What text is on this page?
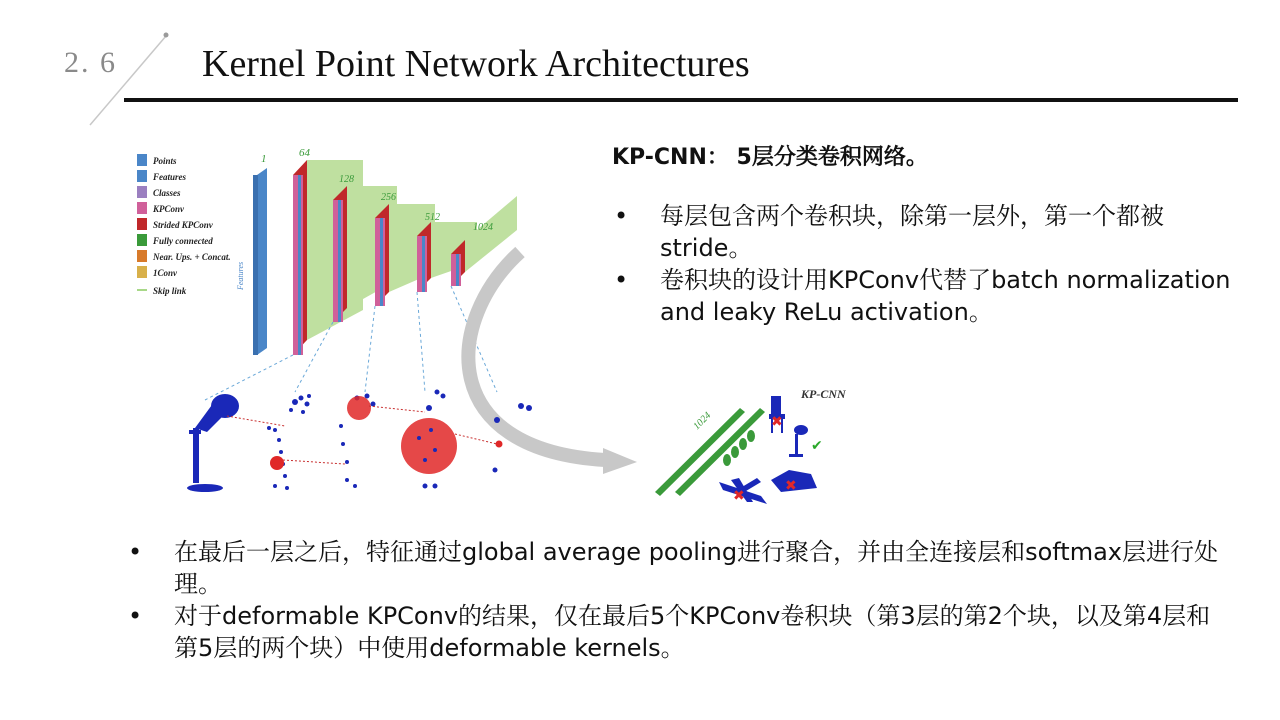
2. 6 Kernel Point Network Architectures
Points
Features
Classes
KPConv
Strided KPConv
Fully connected
Near. Ups. + Concat.
1Conv
Skip link
1
Features
64
128
256
512
1024
1024
KP-CNN
✖
✔
✖
✖
KP-CNN： 5层分类卷积网络。
•	每层包含两个卷积块，除第一层外，第一个都被stride。
•	卷积块的设计用KPConv代替了batch normalization and leaky ReLu activation。
•	在最后一层之后，特征通过global average pooling进行聚合，并由全连接层和softmax层进行处理。
•	对于deformable KPConv的结果，仅在最后5个KPConv卷积块（第3层的第2个块，以及第4层和第5层的两个块）中使用deformable kernels。
